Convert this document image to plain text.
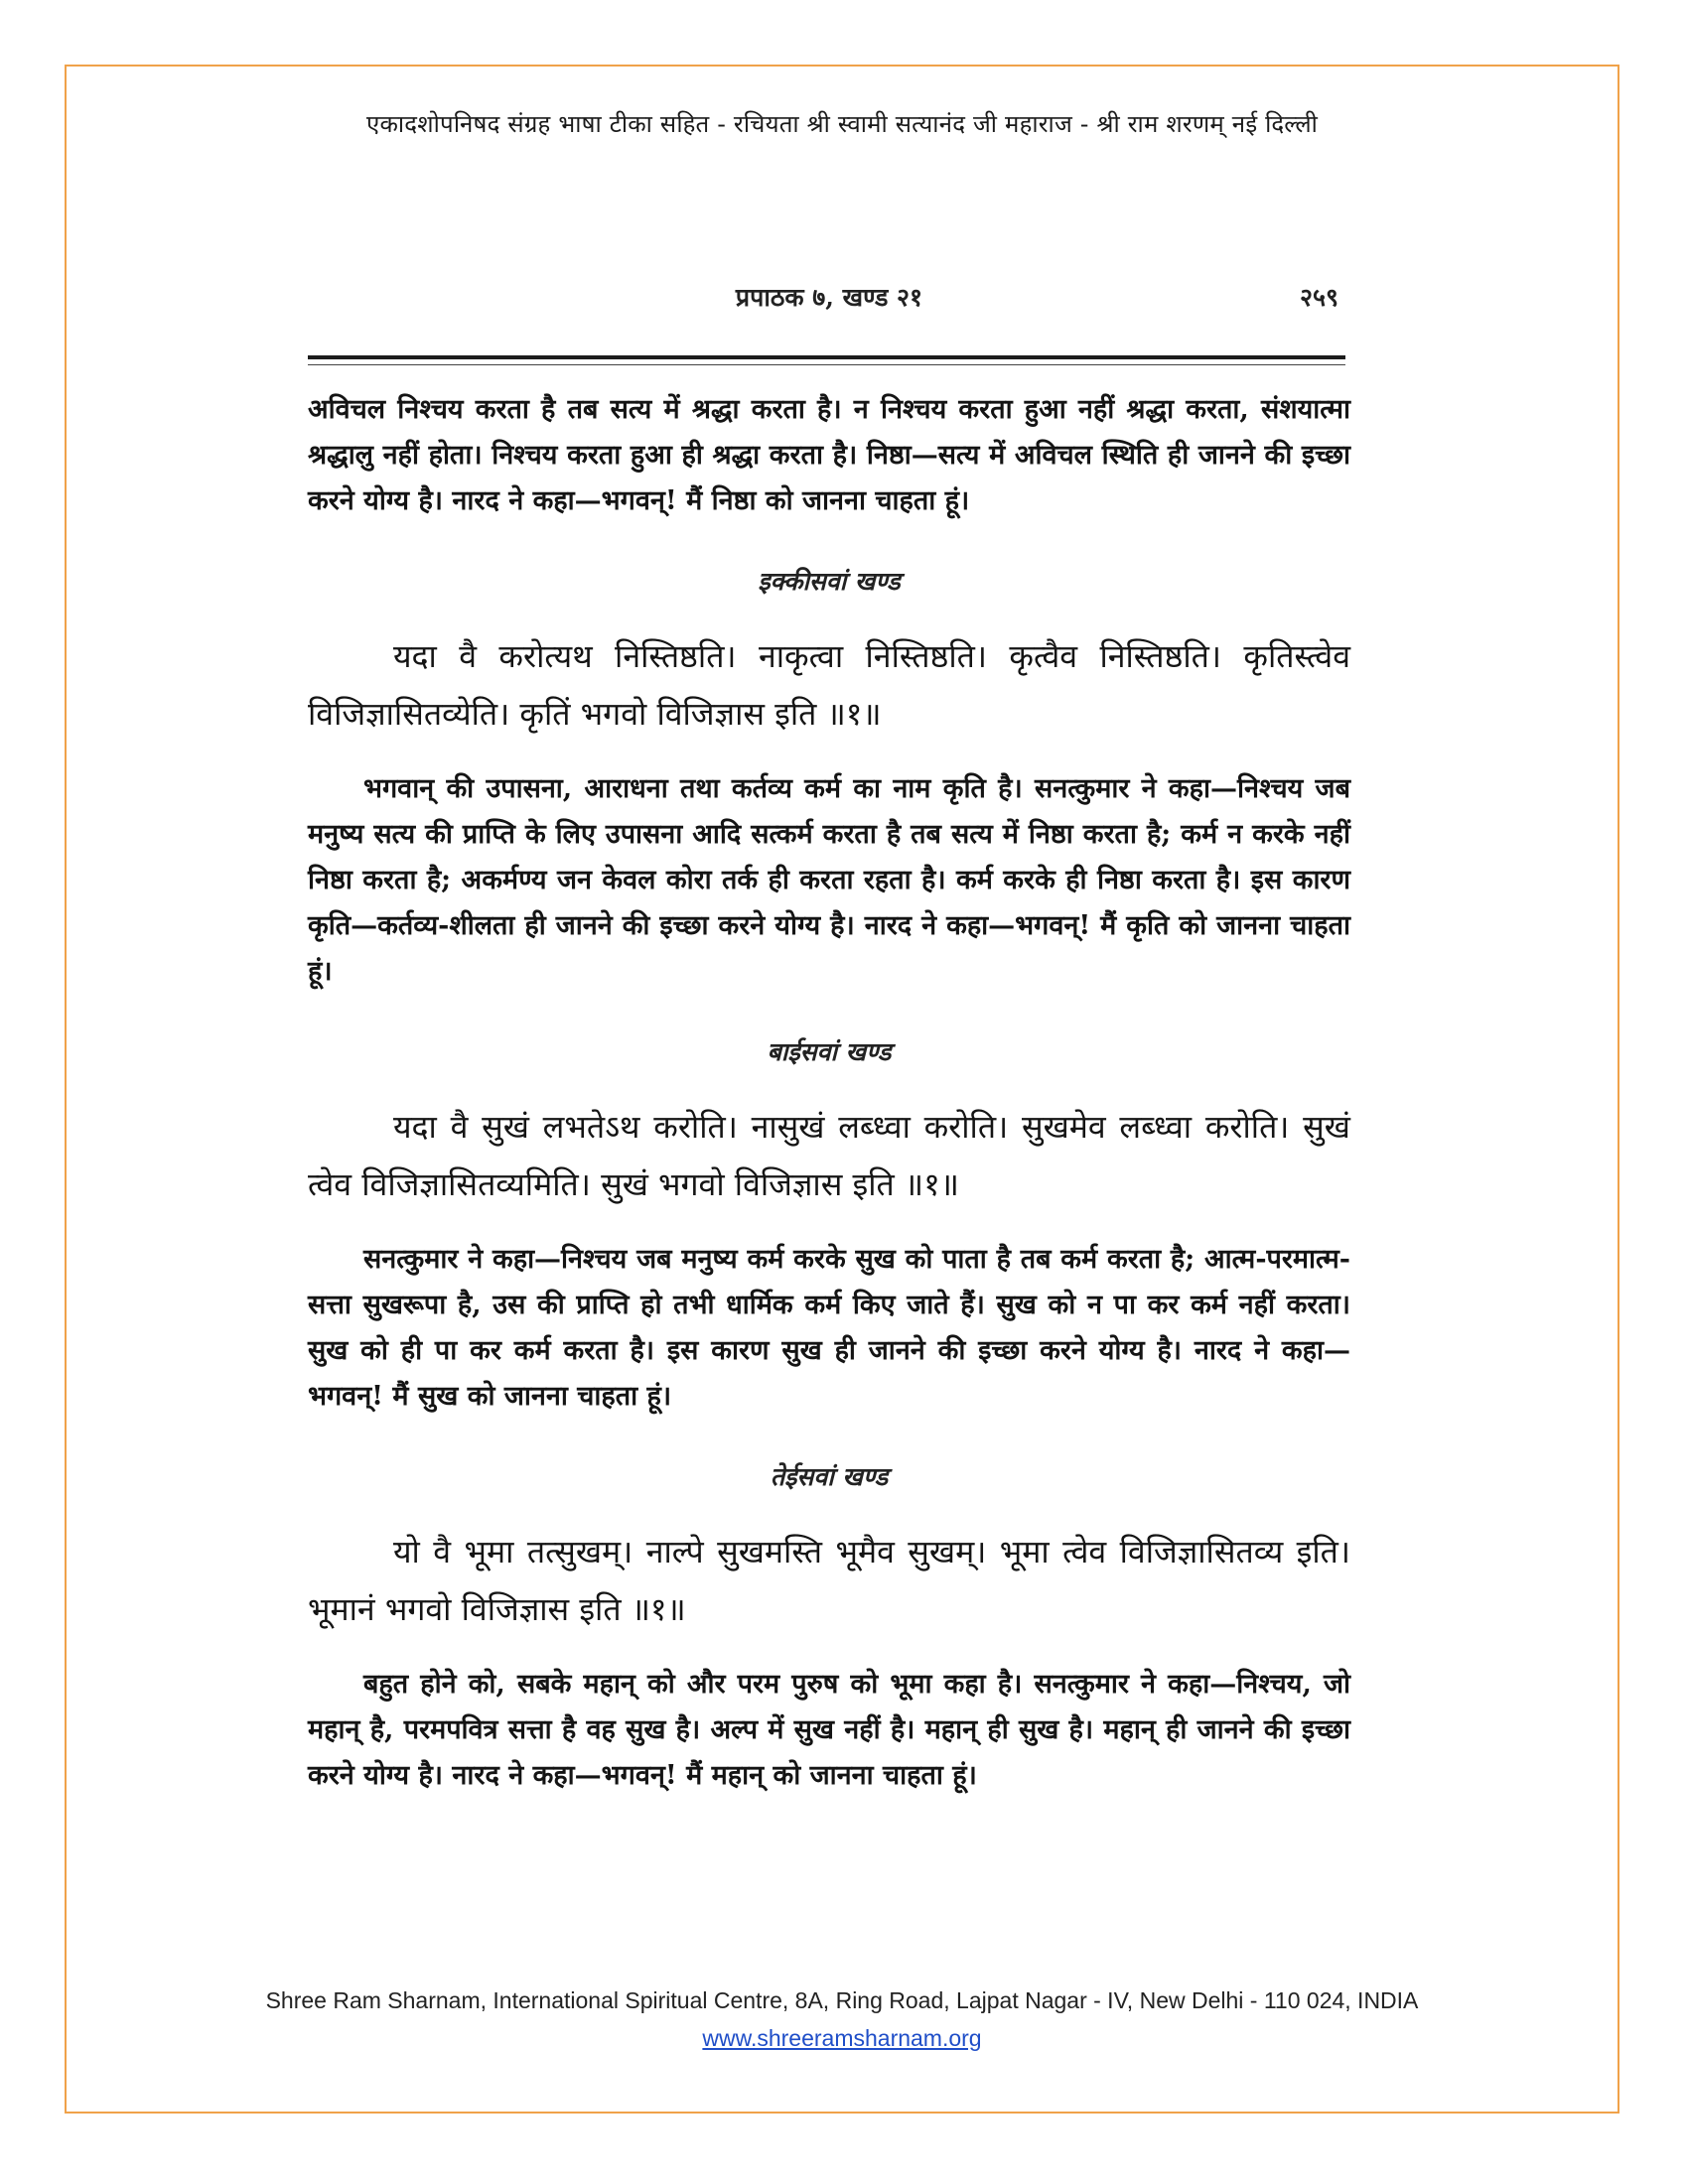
एकादशोपनिषद संग्रह भाषा टीका सहित - रचियता श्री स्वामी सत्यानंद जी महाराज - श्री राम शरणम् नई दिल्ली
प्रपाठक ७, खण्ड २१	२५९

अविचल निश्चय करता है तब सत्य में श्रद्धा करता है। न निश्चय करता हुआ नहीं श्रद्धा करता, संशयात्मा श्रद्धालु नहीं होता। निश्चय करता हुआ ही श्रद्धा करता है। निष्ठा—सत्य में अविचल स्थिति ही जानने की इच्छा करने योग्य है। नारद ने कहा—भगवन्! मैं निष्ठा को जानना चाहता हूं।

इक्कीसवां खण्ड

यदा वै करोत्यथ निस्तिष्ठति। नाकृत्वा निस्तिष्ठति। कृत्वैव निस्तिष्ठति। कृतिस्त्वेव विजिज्ञासितव्येति। कृतिं भगवो विजिज्ञास इति ॥१॥

भगवान् की उपासना, आराधना तथा कर्तव्य कर्म का नाम कृति है। सनत्कुमार ने कहा—निश्चय जब मनुष्य सत्य की प्राप्ति के लिए उपासना आदि सत्कर्म करता है तब सत्य में निष्ठा करता है; कर्म न करके नहीं निष्ठा करता है; अकर्मण्य जन केवल कोरा तर्क ही करता रहता है। कर्म करके ही निष्ठा करता है। इस कारण कृति—कर्तव्य-शीलता ही जानने की इच्छा करने योग्य है। नारद ने कहा—भगवन्! मैं कृति को जानना चाहता हूं।

बाईसवां खण्ड

यदा वै सुखं लभतेऽथ करोति। नासुखं लब्ध्वा करोति। सुखमेव लब्ध्वा करोति। सुखं त्वेव विजिज्ञासितव्यमिति। सुखं भगवो विजिज्ञास इति ॥१॥

सनत्कुमार ने कहा—निश्चय जब मनुष्य कर्म करके सुख को पाता है तब कर्म करता है; आत्म-परमात्म-सत्ता सुखरूपा है, उस की प्राप्ति हो तभी धार्मिक कर्म किए जाते हैं। सुख को न पा कर कर्म नहीं करता। सुख को ही पा कर कर्म करता है। इस कारण सुख ही जानने की इच्छा करने योग्य है। नारद ने कहा—भगवन्! मैं सुख को जानना चाहता हूं।

तेईसवां खण्ड

यो वै भूमा तत्सुखम्। नाल्पे सुखमस्ति भूमैव सुखम्। भूमा त्वेव विजिज्ञासितव्य इति। भूमानं भगवो विजिज्ञास इति ॥१॥

बहुत होने को, सबके महान् को और परम पुरुष को भूमा कहा है। सनत्कुमार ने कहा—निश्चय, जो महान् है, परमपवित्र सत्ता है वह सुख है। अल्प में सुख नहीं है। महान् ही सुख है। महान् ही जानने की इच्छा करने योग्य है। नारद ने कहा—भगवन्! मैं महान् को जानना चाहता हूं।

Shree Ram Sharnam, International Spiritual Centre, 8A, Ring Road, Lajpat Nagar - IV, New Delhi - 110 024, INDIA
www.shreeramsharnam.org
